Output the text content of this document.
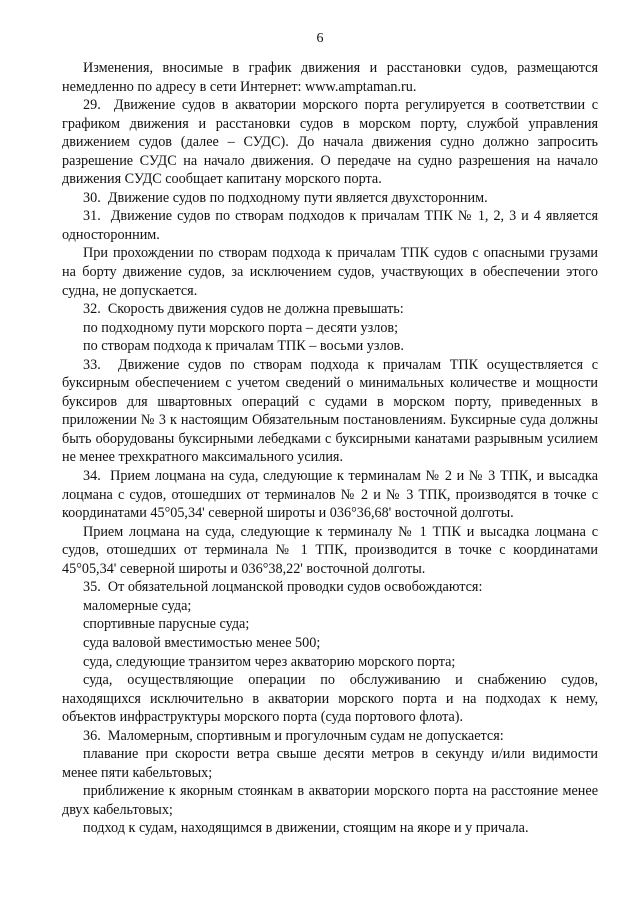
6

Изменения, вносимые в график движения и расстановки судов, размещаются немедленно по адресу в сети Интернет: www.amptaman.ru.

29.  Движение судов в акватории морского порта регулируется в соответствии с графиком движения и расстановки судов в морском порту, службой управления движением судов (далее – СУДС). До начала движения судно должно запросить разрешение СУДС на начало движения. О передаче на судно разрешения на начало движения СУДС сообщает капитану морского порта.

30.  Движение судов по подходному пути является двухсторонним.

31.  Движение судов по створам подходов к причалам ТПК № 1, 2, 3 и 4 является односторонним.

При прохождении по створам подхода к причалам ТПК судов с опасными грузами на борту движение судов, за исключением судов, участвующих в обеспечении этого судна, не допускается.

32.  Скорость движения судов не должна превышать:

по подходному пути морского порта – десяти узлов;

по створам подхода к причалам ТПК – восьми узлов.

33.  Движение судов по створам подхода к причалам ТПК осуществляется с буксирным обеспечением с учетом сведений о минимальных количестве и мощности буксиров для швартовных операций с судами в морском порту, приведенных в приложении № 3 к настоящим Обязательным постановлениям. Буксирные суда должны быть оборудованы буксирными лебедками с буксирными канатами разрывным усилием не менее трехкратного максимального усилия.

34.  Прием лоцмана на суда, следующие к терминалам № 2 и № 3 ТПК, и высадка лоцмана с судов, отошедших от терминалов № 2 и № 3 ТПК, производятся в точке с координатами 45°05,34' северной широты и 036°36,68' восточной долготы.

Прием лоцмана на суда, следующие к терминалу № 1 ТПК и высадка лоцмана с судов, отошедших от терминала № 1 ТПК, производится в точке с координатами 45°05,34' северной широты и 036°38,22' восточной долготы.

35.  От обязательной лоцманской проводки судов освобождаются:

маломерные суда;

спортивные парусные суда;

суда валовой вместимостью менее 500;

суда, следующие транзитом через акваторию морского порта;

суда, осуществляющие операции по обслуживанию и снабжению судов, находящихся исключительно в акватории морского порта и на подходах к нему, объектов инфраструктуры морского порта (суда портового флота).

36.  Маломерным, спортивным и прогулочным судам не допускается:

плавание при скорости ветра свыше десяти метров в секунду и/или видимости менее пяти кабельтовых;

приближение к якорным стоянкам в акватории морского порта на расстояние менее двух кабельтовых;

подход к судам, находящимся в движении, стоящим на якоре и у причала.
